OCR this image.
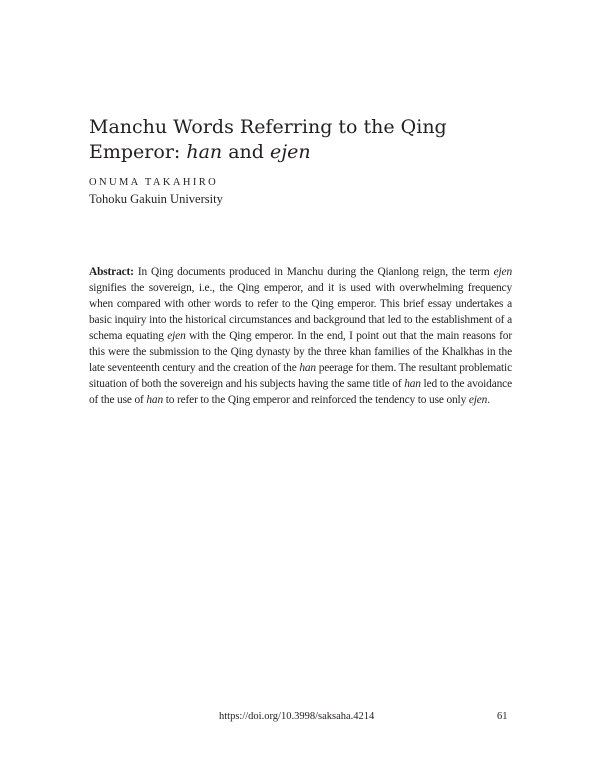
Manchu Words Referring to the Qing
Emperor: han and ejen
ONUMA TAKAHIRO
Tohoku Gakuin University

Abstract: In Qing documents produced in Manchu during the Qianlong reign, the term ejen signifies the sovereign, i.e., the Qing emperor, and it is used with overwhelming frequency when compared with other words to refer to the Qing emperor. This brief essay undertakes a basic inquiry into the historical circumstances and background that led to the establishment of a schema equating ejen with the Qing emperor. In the end, I point out that the main reasons for this were the submission to the Qing dynasty by the three khan families of the Khalkhas in the late seventeenth century and the creation of the han peerage for them. The resultant problematic situation of both the sovereign and his subjects having the same title of han led to the avoidance of the use of han to refer to the Qing emperor and reinforced the tendency to use only ejen.

https://doi.org/10.3998/saksaha.4214	61
